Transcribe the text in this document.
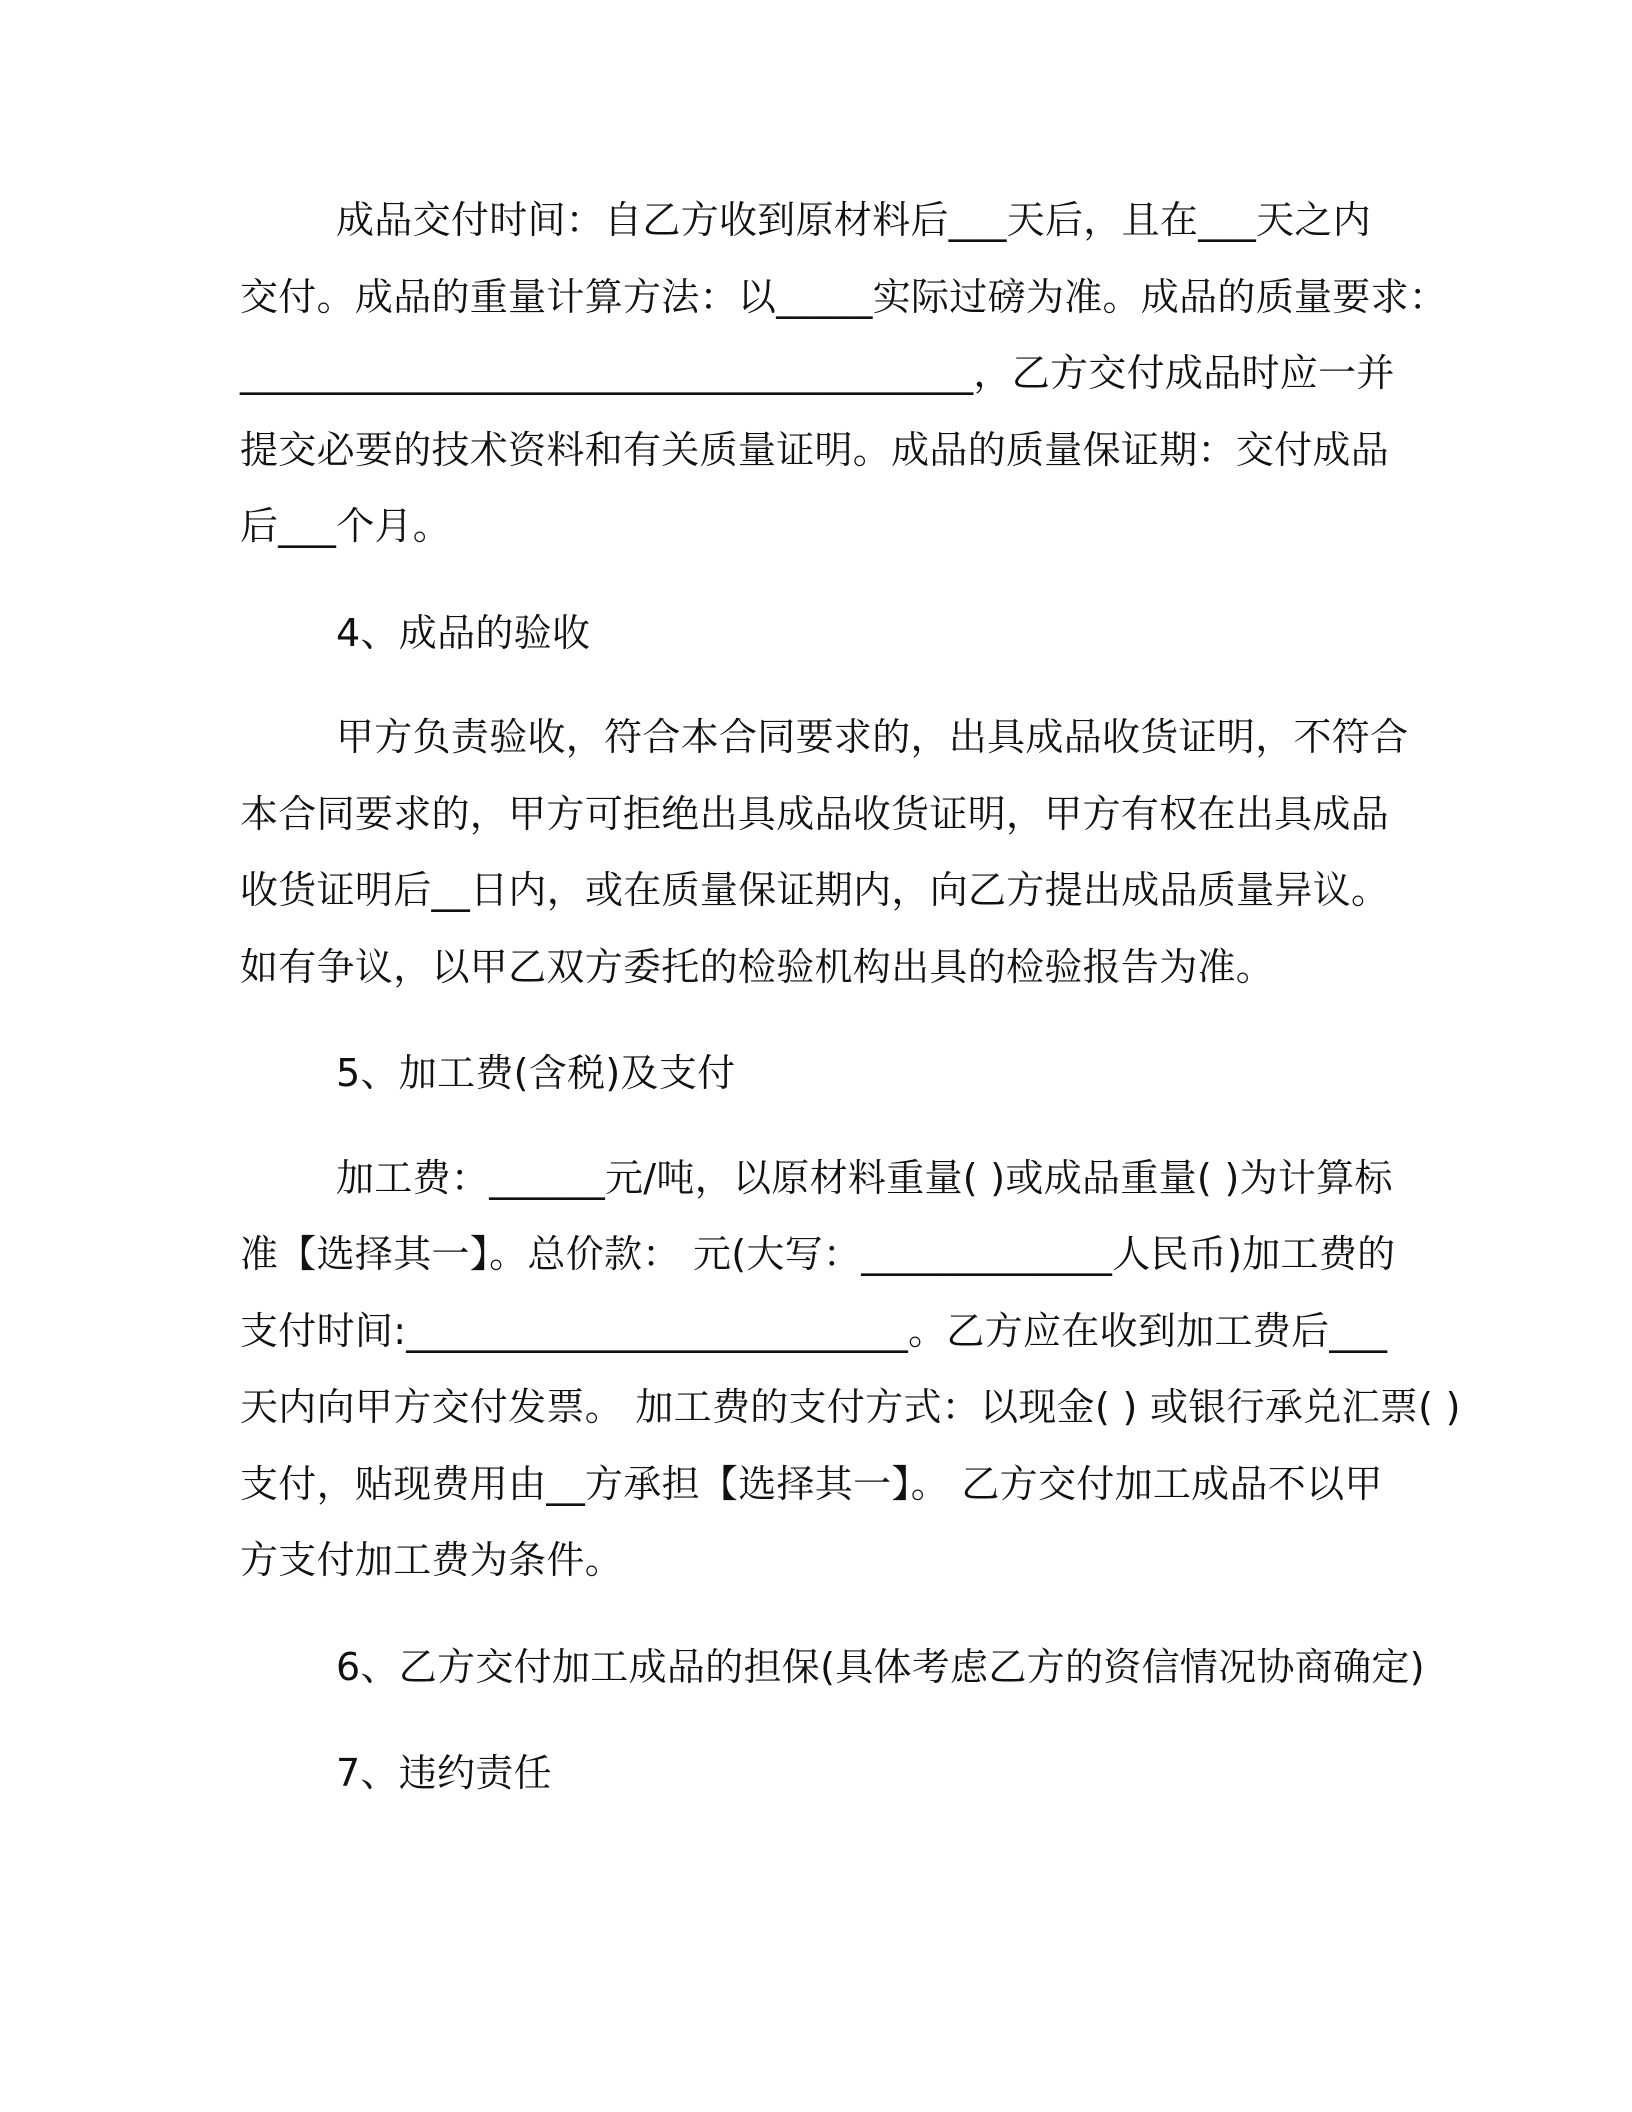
成品交付时间：自乙方收到原材料后___天后，且在___天之内
交付。成品的重量计算方法：以_____实际过磅为准。成品的质量要求：
______________________________________，乙方交付成品时应一并
提交必要的技术资料和有关质量证明。成品的质量保证期：交付成品
后___个月。
4、成品的验收
甲方负责验收，符合本合同要求的，出具成品收货证明，不符合
本合同要求的，甲方可拒绝出具成品收货证明，甲方有权在出具成品
收货证明后__日内，或在质量保证期内，向乙方提出成品质量异议。
如有争议，以甲乙双方委托的检验机构出具的检验报告为准。
5、加工费(含税)及支付
加工费：______元/吨，以原材料重量( )或成品重量( )为计算标
准【选择其一】。总价款： 元(大写：_____________人民币)加工费的
支付时间:__________________________。乙方应在收到加工费后___
天内向甲方交付发票。 加工费的支付方式：以现金( ) 或银行承兑汇票( )
支付，贴现费用由__方承担【选择其一】。 乙方交付加工成品不以甲
方支付加工费为条件。
6、乙方交付加工成品的担保(具体考虑乙方的资信情况协商确定)
7、违约责任
